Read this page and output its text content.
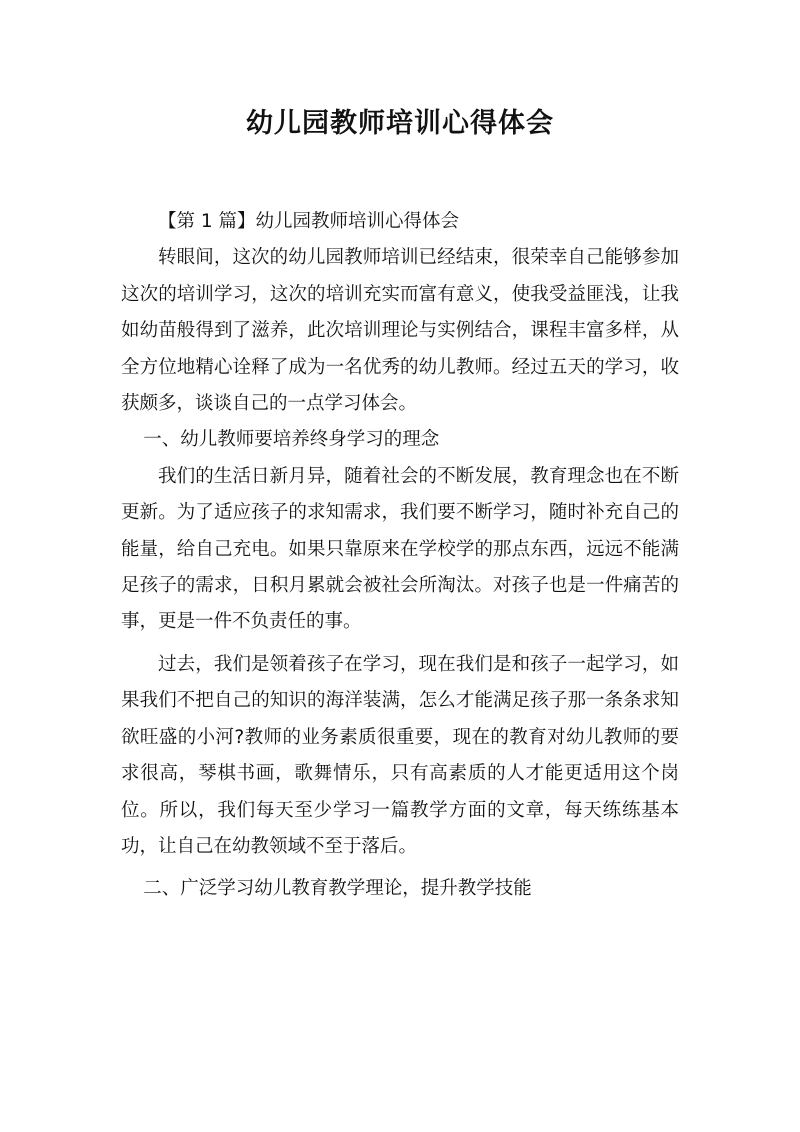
幼儿园教师培训心得体会

【第 1 篇】幼儿园教师培训心得体会

转眼间，这次的幼儿园教师培训已经结束，很荣幸自己能够参加这次的培训学习，这次的培训充实而富有意义，使我受益匪浅，让我如幼苗般得到了滋养，此次培训理论与实例结合，课程丰富多样，从全方位地精心诠释了成为一名优秀的幼儿教师。经过五天的学习，收获颇多，谈谈自己的一点学习体会。

一、幼儿教师要培养终身学习的理念

我们的生活日新月异，随着社会的不断发展，教育理念也在不断更新。为了适应孩子的求知需求，我们要不断学习，随时补充自己的能量，给自己充电。如果只靠原来在学校学的那点东西，远远不能满足孩子的需求，日积月累就会被社会所淘汰。对孩子也是一件痛苦的事，更是一件不负责任的事。

过去，我们是领着孩子在学习，现在我们是和孩子一起学习，如果我们不把自己的知识的海洋装满，怎么才能满足孩子那一条条求知欲旺盛的小河?教师的业务素质很重要，现在的教育对幼儿教师的要求很高，琴棋书画，歌舞情乐，只有高素质的人才能更适用这个岗位。所以，我们每天至少学习一篇教学方面的文章，每天练练基本功，让自己在幼教领域不至于落后。

二、广泛学习幼儿教育教学理论，提升教学技能
